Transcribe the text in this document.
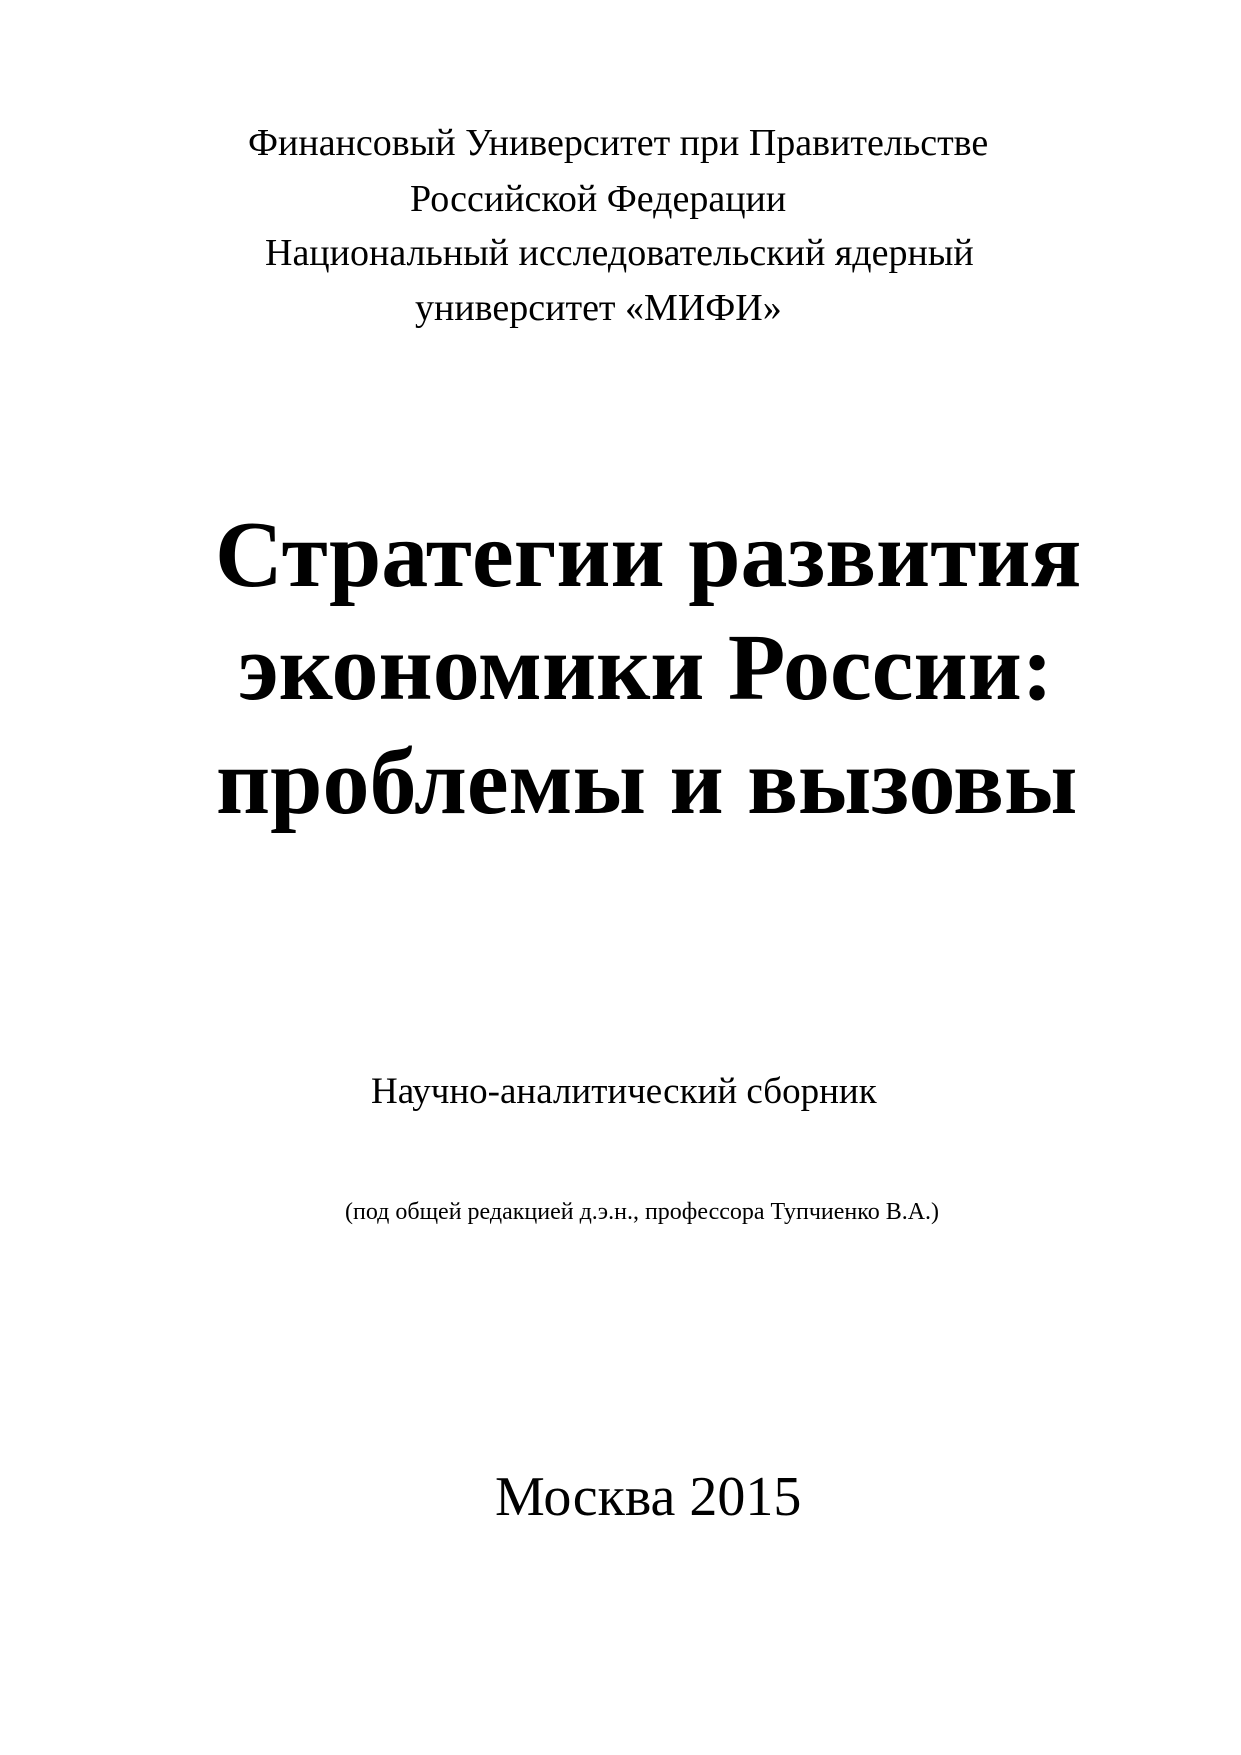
Финансовый Университет при Правительстве
Российской Федерации
Национальный исследовательский ядерный
университет «МИФИ»
Стратегии развития
экономики России:
проблемы и вызовы
Научно-аналитический сборник
(под общей редакцией д.э.н., профессора Тупчиенко В.А.)
Москва 2015
